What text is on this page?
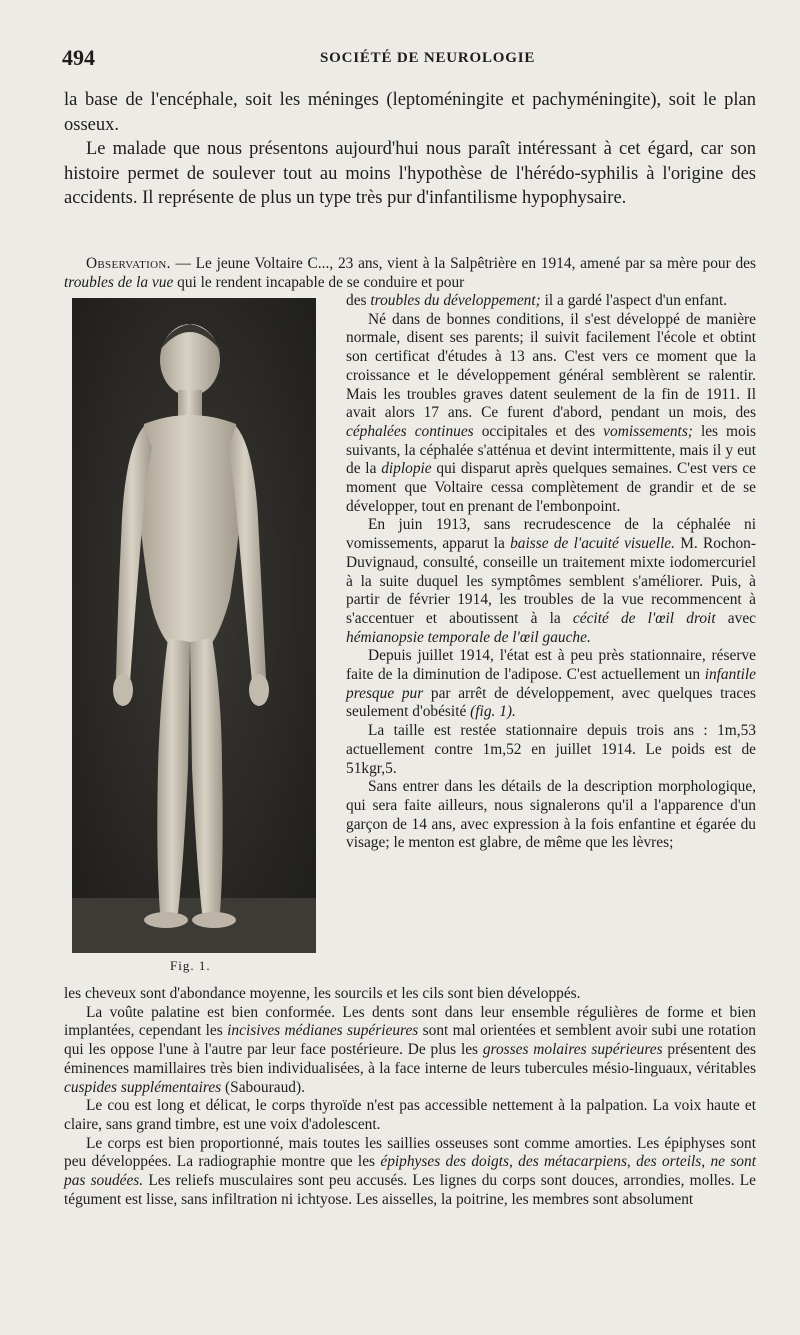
494	SOCIÉTÉ DE NEUROLOGIE

la base de l'encéphale, soit les méninges (leptoméningite et pachyméningite), soit le plan osseux.

Le malade que nous présentons aujourd'hui nous paraît intéressant à cet égard, car son histoire permet de soulever tout au moins l'hypothèse de l'hérédo-syphilis à l'origine des accidents. Il représente de plus un type très pur d'infantilisme hypophysaire.

Observation. — Le jeune Voltaire C..., 23 ans, vient à la Salpêtrière en 1914, amené par sa mère pour des troubles de la vue qui le rendent incapable de se conduire et pour

Fig. 1.

des troubles du développement; il a gardé l'aspect d'un enfant.

Né dans de bonnes conditions, il s'est développé de manière normale, disent ses parents; il suivit facilement l'école et obtint son certificat d'études à 13 ans. C'est vers ce moment que la croissance et le développement général semblèrent se ralentir. Mais les troubles graves datent seulement de la fin de 1911. Il avait alors 17 ans. Ce furent d'abord, pendant un mois, des céphalées continues occipitales et des vomissements; les mois suivants, la céphalée s'atténua et devint intermittente, mais il y eut de la diplopie qui disparut après quelques semaines. C'est vers ce moment que Voltaire cessa complètement de grandir et de se développer, tout en prenant de l'embonpoint.

En juin 1913, sans recrudescence de la céphalée ni vomissements, apparut la baisse de l'acuité visuelle. M. Rochon-Duvignaud, consulté, conseille un traitement mixte iodomercuriel à la suite duquel les symptômes semblent s'améliorer. Puis, à partir de février 1914, les troubles de la vue recommencent à s'accentuer et aboutissent à la cécité de l'œil droit avec hémianopsie temporale de l'œil gauche.

Depuis juillet 1914, l'état est à peu près stationnaire, réserve faite de la diminution de l'adipose. C'est actuellement un infantile presque pur par arrêt de développement, avec quelques traces seulement d'obésité (fig. 1).

La taille est restée stationnaire depuis trois ans : 1m,53 actuellement contre 1m,52 en juillet 1914. Le poids est de 51kgr,5.

Sans entrer dans les détails de la description morphologique, qui sera faite ailleurs, nous signalerons qu'il a l'apparence d'un garçon de 14 ans, avec expression à la fois enfantine et égarée du visage; le menton est glabre, de même que les lèvres;

les cheveux sont d'abondance moyenne, les sourcils et les cils sont bien développés.

La voûte palatine est bien conformée. Les dents sont dans leur ensemble régulières de forme et bien implantées, cependant les incisives médianes supérieures sont mal orientées et semblent avoir subi une rotation qui les oppose l'une à l'autre par leur face postérieure. De plus les grosses molaires supérieures présentent des éminences mamillaires très bien individualisées, à la face interne de leurs tubercules mésio-linguaux, véritables cuspides supplémentaires (Sabouraud).

Le cou est long et délicat, le corps thyroïde n'est pas accessible nettement à la palpation. La voix haute et claire, sans grand timbre, est une voix d'adolescent.

Le corps est bien proportionné, mais toutes les saillies osseuses sont comme amorties. Les épiphyses sont peu développées. La radiographie montre que les épiphyses des doigts, des métacarpiens, des orteils, ne sont pas soudées. Les reliefs musculaires sont peu accusés. Les lignes du corps sont douces, arrondies, molles. Le tégument est lisse, sans infiltration ni ichtyose. Les aisselles, la poitrine, les membres sont absolument
